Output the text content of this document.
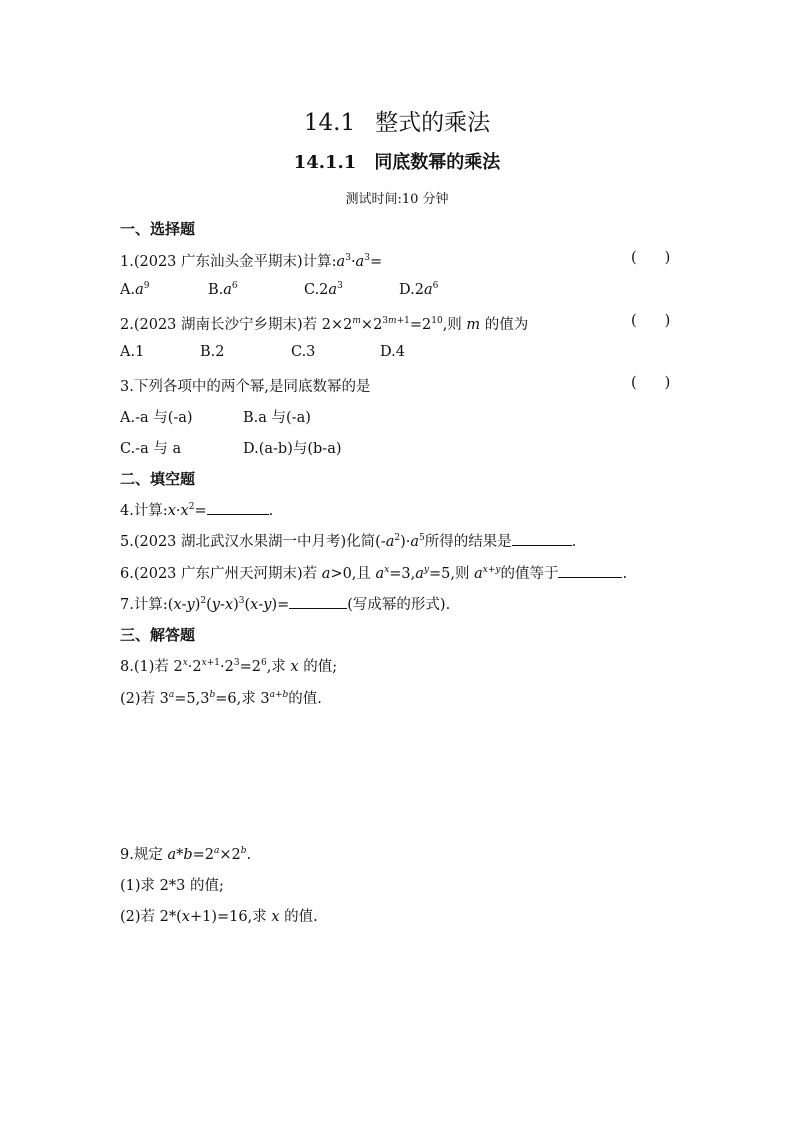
14.1 整式的乘法
14.1.1 同底数幂的乘法
测试时间:10 分钟
一、选择题
1.(2023 广东汕头金平期末)计算$:a^3\cdot a^3=$	( )
$A.a^9$	$B.a^6$	$C.2a^3$	$D.2a^6$
2.(2023 湖南长沙宁乡期末)若 $2\times 2^m\times 2^{3m+1}=2^{10}$,则 m 的值为	( )
A.1	B.2	C.3	D.4
3.下列各项中的两个幂,是同底数幂的是	( )
A.-a 与(-a)	B.a 与(-a)
C.-a 与 a	D.(a-b)与(b-a)
二、填空题
4.计算$:x\cdot x^2=$	.
5.(2023 湖北武汉水果湖一中月考)化简$(-a^2)\cdot a^5$所得的结果是	.
6.(2023 广东广州天河期末)若 a>0,且 $a^x=3,a^y=5$,则 $a^{x+y}$的值等于	.
7.计算$:(x-y)^2(y-x)^3(x-y)=$	(写成幂的形式).
三、解答题
8.(1)若 $2^x\cdot 2^{x+1}\cdot 2^3=2^6$,求 x 的值;
(2)若 $3^a=5,3^b=6$,求 $3^{a+b}$的值.
9.规定 $a*b=2^a\times 2^b$.
(1)求 2*3 的值;
(2)若 2*(x+1)=16,求 x 的值.
